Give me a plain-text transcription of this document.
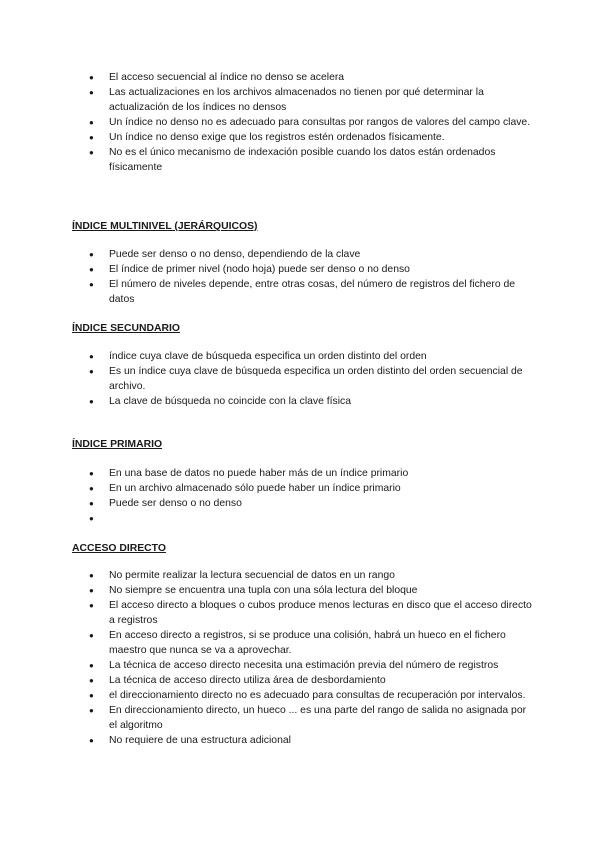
● El acceso secuencial al índice no denso se acelera
● Las actualizaciones en los archivos almacenados no tienen por qué determinar la actualización de los índices no densos
● Un índice no denso no es adecuado para consultas por rangos de valores del campo clave.
● Un índice no denso exige que los registros estén ordenados físicamente.
● No es el único mecanismo de indexación posible cuando los datos están ordenados físicamente
ÍNDICE MULTINIVEL (JERÁRQUICOS)
● Puede ser denso o no denso, dependiendo de la clave
● El índice de primer nivel (nodo hoja) puede ser denso o no denso
● El número de niveles depende, entre otras cosas, del número de registros del fichero de datos
ÍNDICE SECUNDARIO
● índice cuya clave de búsqueda especifica un orden distinto del orden
● Es un índice cuya clave de búsqueda especifica un orden distinto del orden secuencial de archivo.
● La clave de búsqueda no coincide con la clave física
ÍNDICE PRIMARIO
● En una base de datos no puede haber más de un índice primario
● En un archivo almacenado sólo puede haber un índice primario
● Puede ser denso o no denso
●
ACCESO DIRECTO
● No permite realizar la lectura secuencial de datos en un rango
● No siempre se encuentra una tupla con una sóla lectura del bloque
● El acceso directo a bloques o cubos produce menos lecturas en disco que el acceso directo a registros
● En acceso directo a registros, si se produce una colisión, habrá un hueco en el fichero maestro que nunca se va a aprovechar.
● La técnica de acceso directo necesita una estimación previa del número de registros
● La técnica de acceso directo utiliza área de desbordamiento
● el direccionamiento directo no es adecuado para consultas de recuperación por intervalos.
● En direccionamiento directo, un hueco ... es una parte del rango de salida no asignada por el algoritmo
● No requiere de una estructura adicional
